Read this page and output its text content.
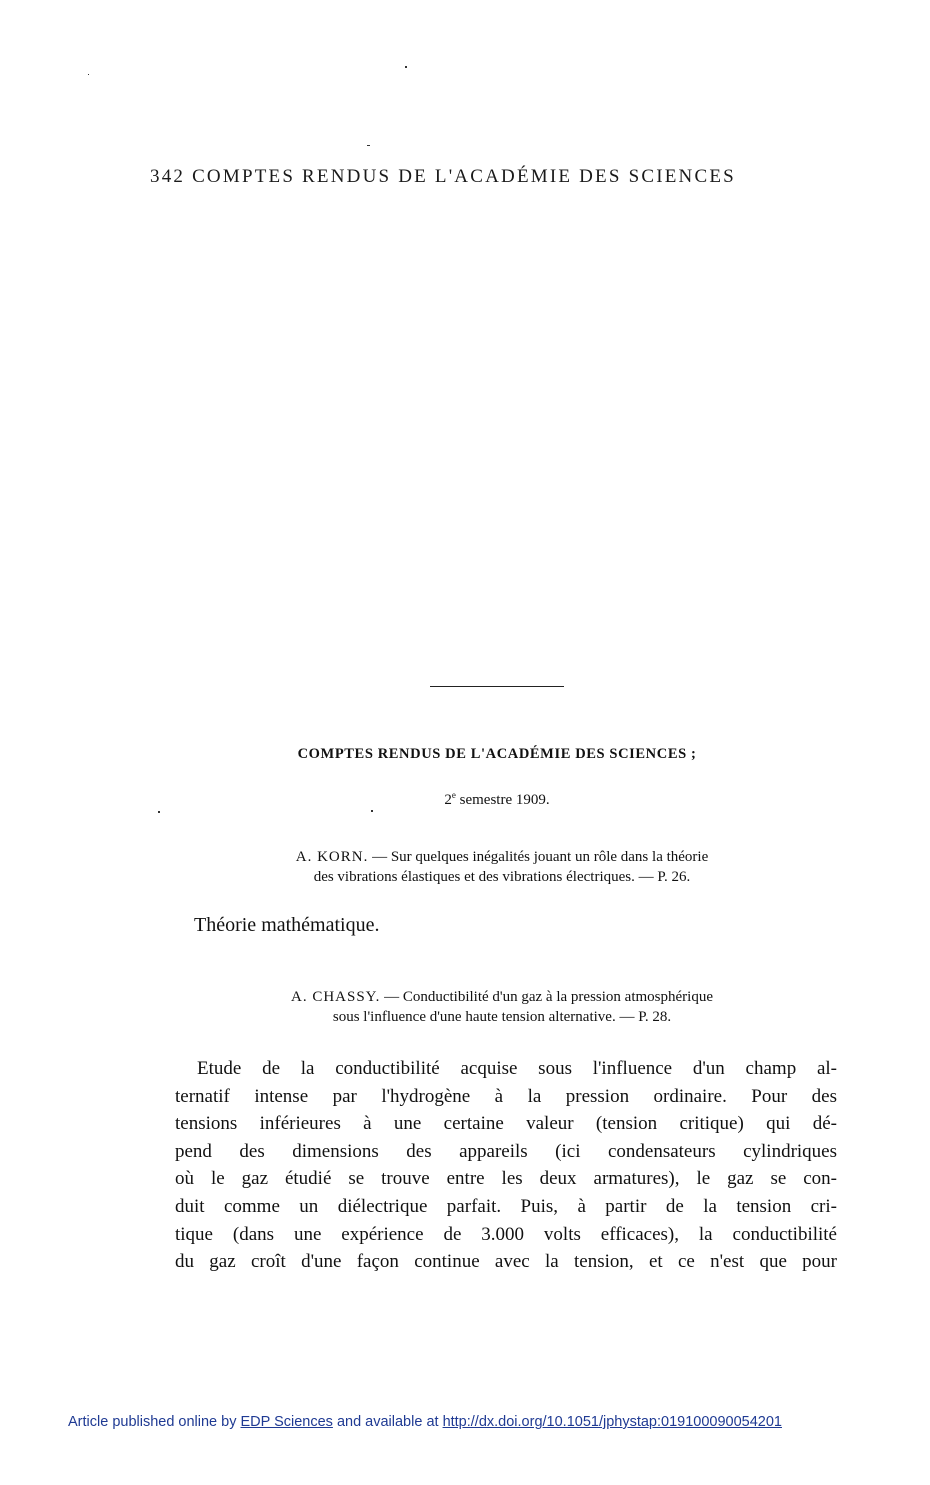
342 COMPTES RENDUS DE L'ACADÉMIE DES SCIENCES
COMPTES RENDUS DE L'ACADÉMIE DES SCIENCES ;
2e semestre 1909.
A. KORN. — Sur quelques inégalités jouant un rôle dans la théorie
des vibrations élastiques et des vibrations électriques. — P. 26.
Théorie mathématique.
A. CHASSY. — Conductibilité d'un gaz à la pression atmosphérique
sous l'influence d'une haute tension alternative. — P. 28.
Etude de la conductibilité acquise sous l'influence d'un champ al-
ternatif intense par l'hydrogène à la pression ordinaire. Pour des
tensions inférieures à une certaine valeur (tension critique) qui dé-
pend des dimensions des appareils (ici condensateurs cylindriques
où le gaz étudié se trouve entre les deux armatures), le gaz se con-
duit comme un diélectrique parfait. Puis, à partir de la tension cri-
tique (dans une expérience de 3.000 volts efficaces), la conductibilité
du gaz croît d'une façon continue avec la tension, et ce n'est que pour
Article published online by EDP Sciences and available at http://dx.doi.org/10.1051/jphystap:019100090054201
